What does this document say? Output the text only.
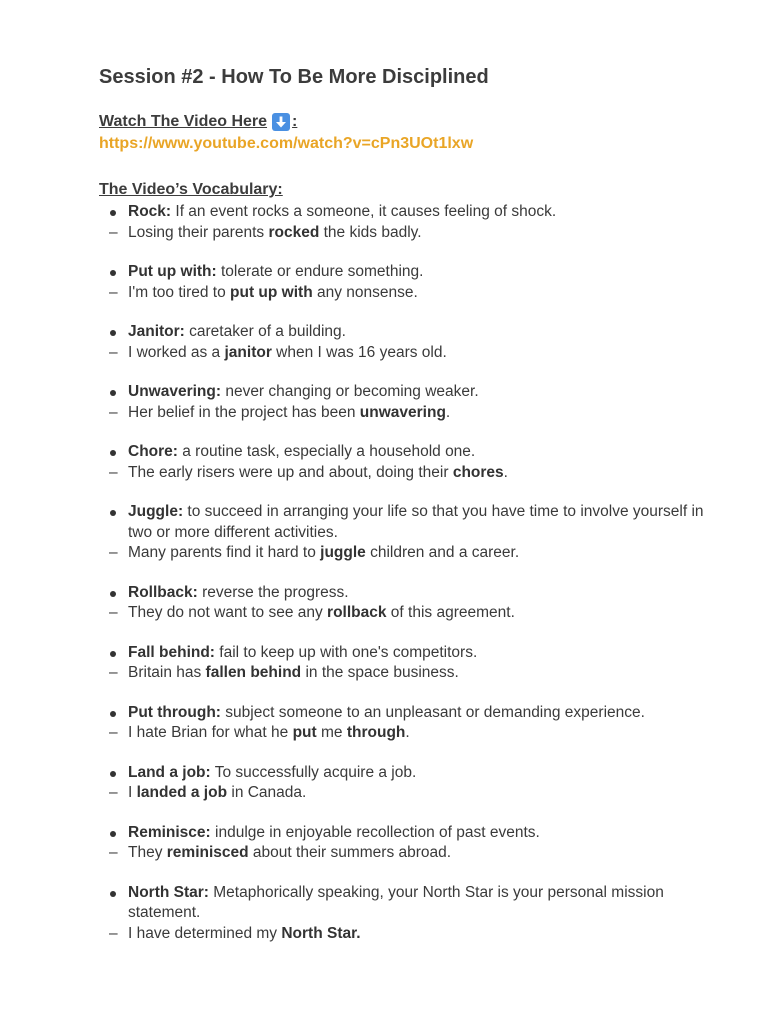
Session #2 - How To Be More Disciplined
Watch The Video Here :
https://www.youtube.com/watch?v=cPn3UOt1lxw
The Video’s Vocabulary:
Rock: If an event rocks a someone, it causes feeling of shock.
– Losing their parents rocked the kids badly.
Put up with: tolerate or endure something.
– I'm too tired to put up with any nonsense.
Janitor: caretaker of a building.
– I worked as a janitor when I was 16 years old.
Unwavering: never changing or becoming weaker.
– Her belief in the project has been unwavering.
Chore: a routine task, especially a household one.
– The early risers were up and about, doing their chores.
Juggle: to succeed in arranging your life so that you have time to involve yourself in two or more different activities.
– Many parents find it hard to juggle children and a career.
Rollback: reverse the progress.
– They do not want to see any rollback of this agreement.
Fall behind: fail to keep up with one's competitors.
– Britain has fallen behind in the space business.
Put through: subject someone to an unpleasant or demanding experience.
– I hate Brian for what he put me through.
Land a job: To successfully acquire a job.
– I landed a job in Canada.
Reminisce: indulge in enjoyable recollection of past events.
– They reminisced about their summers abroad.
North Star: Metaphorically speaking, your North Star is your personal mission statement.
– I have determined my North Star.
